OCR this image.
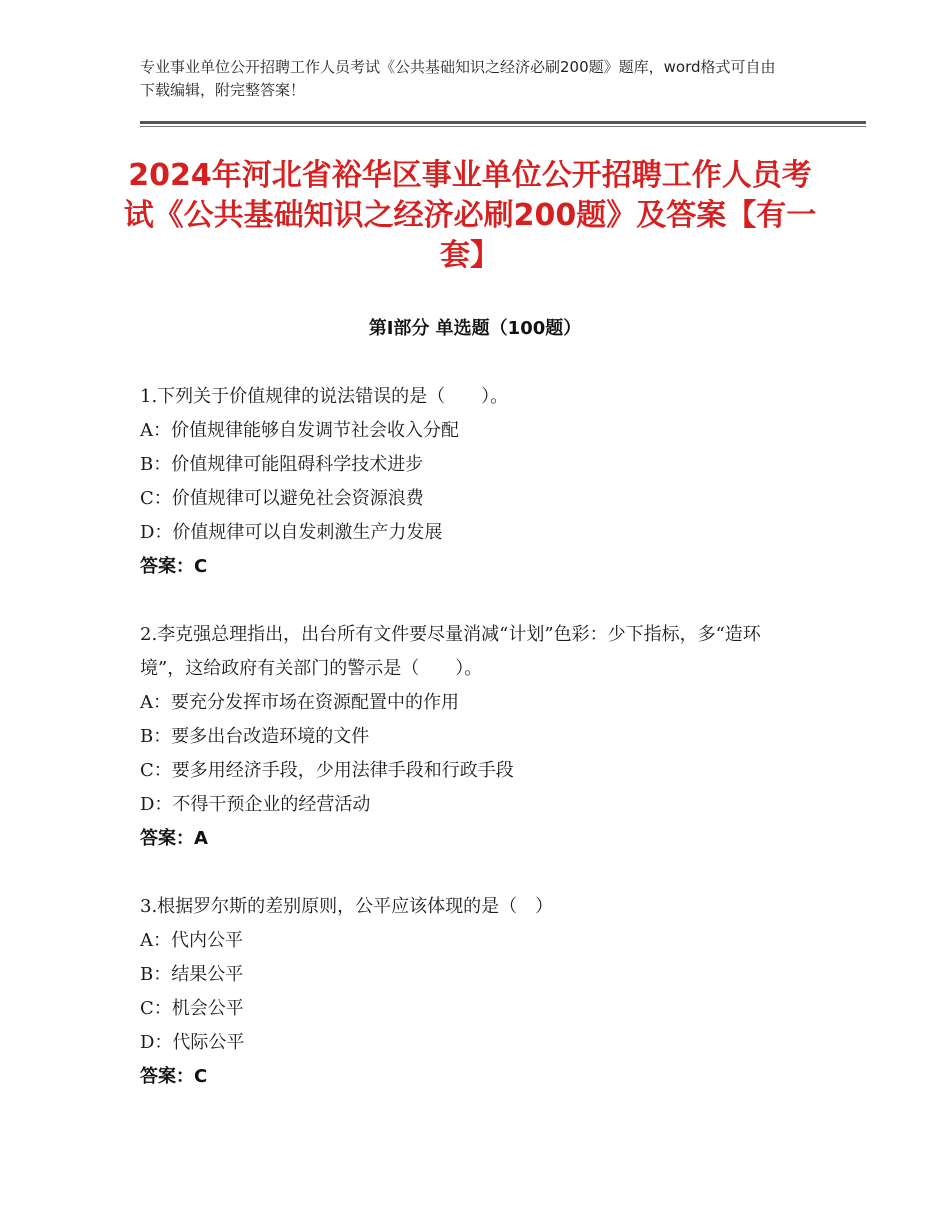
专业事业单位公开招聘工作人员考试《公共基础知识之经济必刷200题》题库，word格式可自由下载编辑，附完整答案！
2024年河北省裕华区事业单位公开招聘工作人员考试《公共基础知识之经济必刷200题》及答案【有一套】
第Ⅰ部分 单选题（100题）
1.下列关于价值规律的说法错误的是（　　）。
A：价值规律能够自发调节社会收入分配
B：价值规律可能阻碍科学技术进步
C：价值规律可以避免社会资源浪费
D：价值规律可以自发刺激生产力发展
答案：C
2.李克强总理指出，出台所有文件要尽量消减“计划”色彩：少下指标，多“造环境”，这给政府有关部门的警示是（　　）。
A：要充分发挥市场在资源配置中的作用
B：要多出台改造环境的文件
C：要多用经济手段，少用法律手段和行政手段
D：不得干预企业的经营活动
答案：A
3.根据罗尔斯的差别原则，公平应该体现的是（　）
A：代内公平
B：结果公平
C：机会公平
D：代际公平
答案：C
